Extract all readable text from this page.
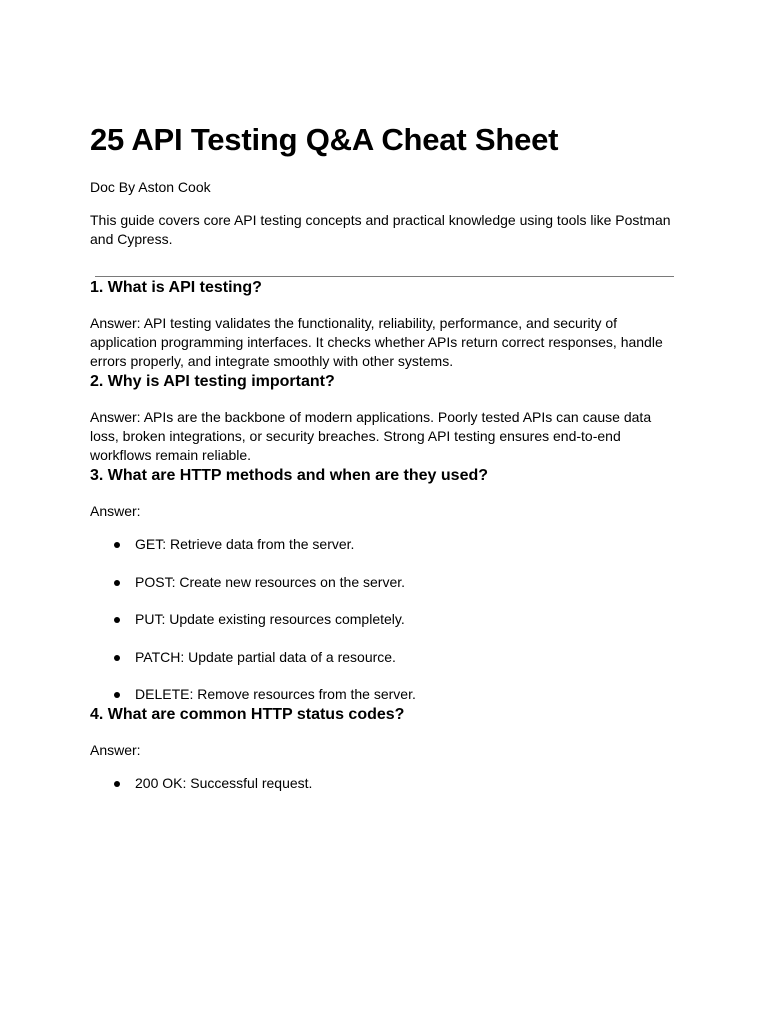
25 API Testing Q&A Cheat Sheet

Doc By Aston Cook

This guide covers core API testing concepts and practical knowledge using tools like Postman and Cypress.

1. What is API testing?

Answer: API testing validates the functionality, reliability, performance, and security of application programming interfaces. It checks whether APIs return correct responses, handle errors properly, and integrate smoothly with other systems.

2. Why is API testing important?

Answer: APIs are the backbone of modern applications. Poorly tested APIs can cause data loss, broken integrations, or security breaches. Strong API testing ensures end-to-end workflows remain reliable.

3. What are HTTP methods and when are they used?

Answer:

GET: Retrieve data from the server.
POST: Create new resources on the server.
PUT: Update existing resources completely.
PATCH: Update partial data of a resource.
DELETE: Remove resources from the server.
4. What are common HTTP status codes?

Answer:

200 OK: Successful request.
